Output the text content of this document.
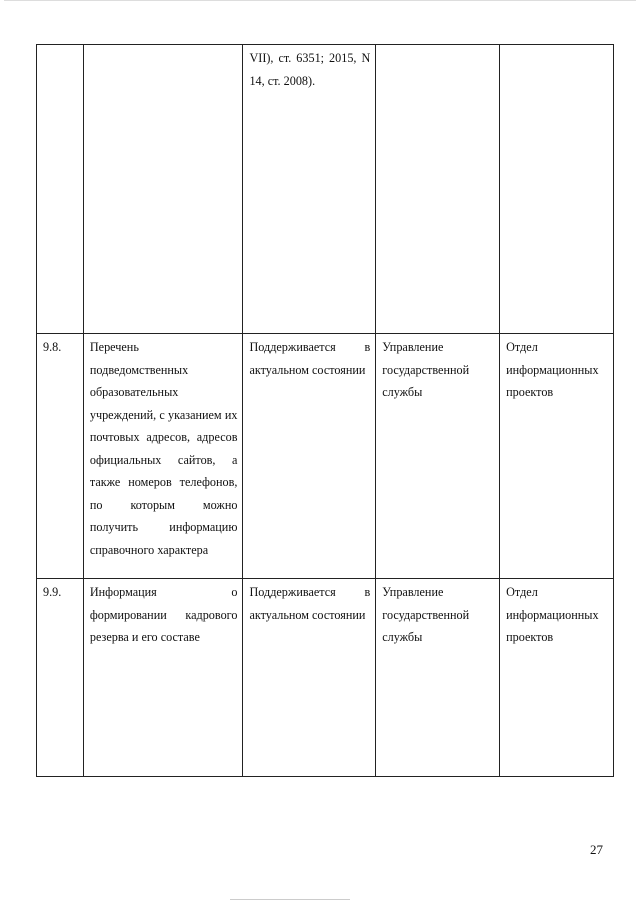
		VII), ст. 6351; 2015, N 14, ст. 2008).		
9.8.	Перечень подведомственных образовательных учреждений, с указанием их почтовых адресов, адресов официальных сайтов, а также номеров телефонов, по которым можно получить информацию справочного характера	Поддерживается в актуальном состоянии	Управление государственной службы	Отдел информационных проектов
9.9.	Информация о формировании кадрового резерва и его составе	Поддерживается в актуальном состоянии	Управление государственной службы	Отдел информационных проектов
27
